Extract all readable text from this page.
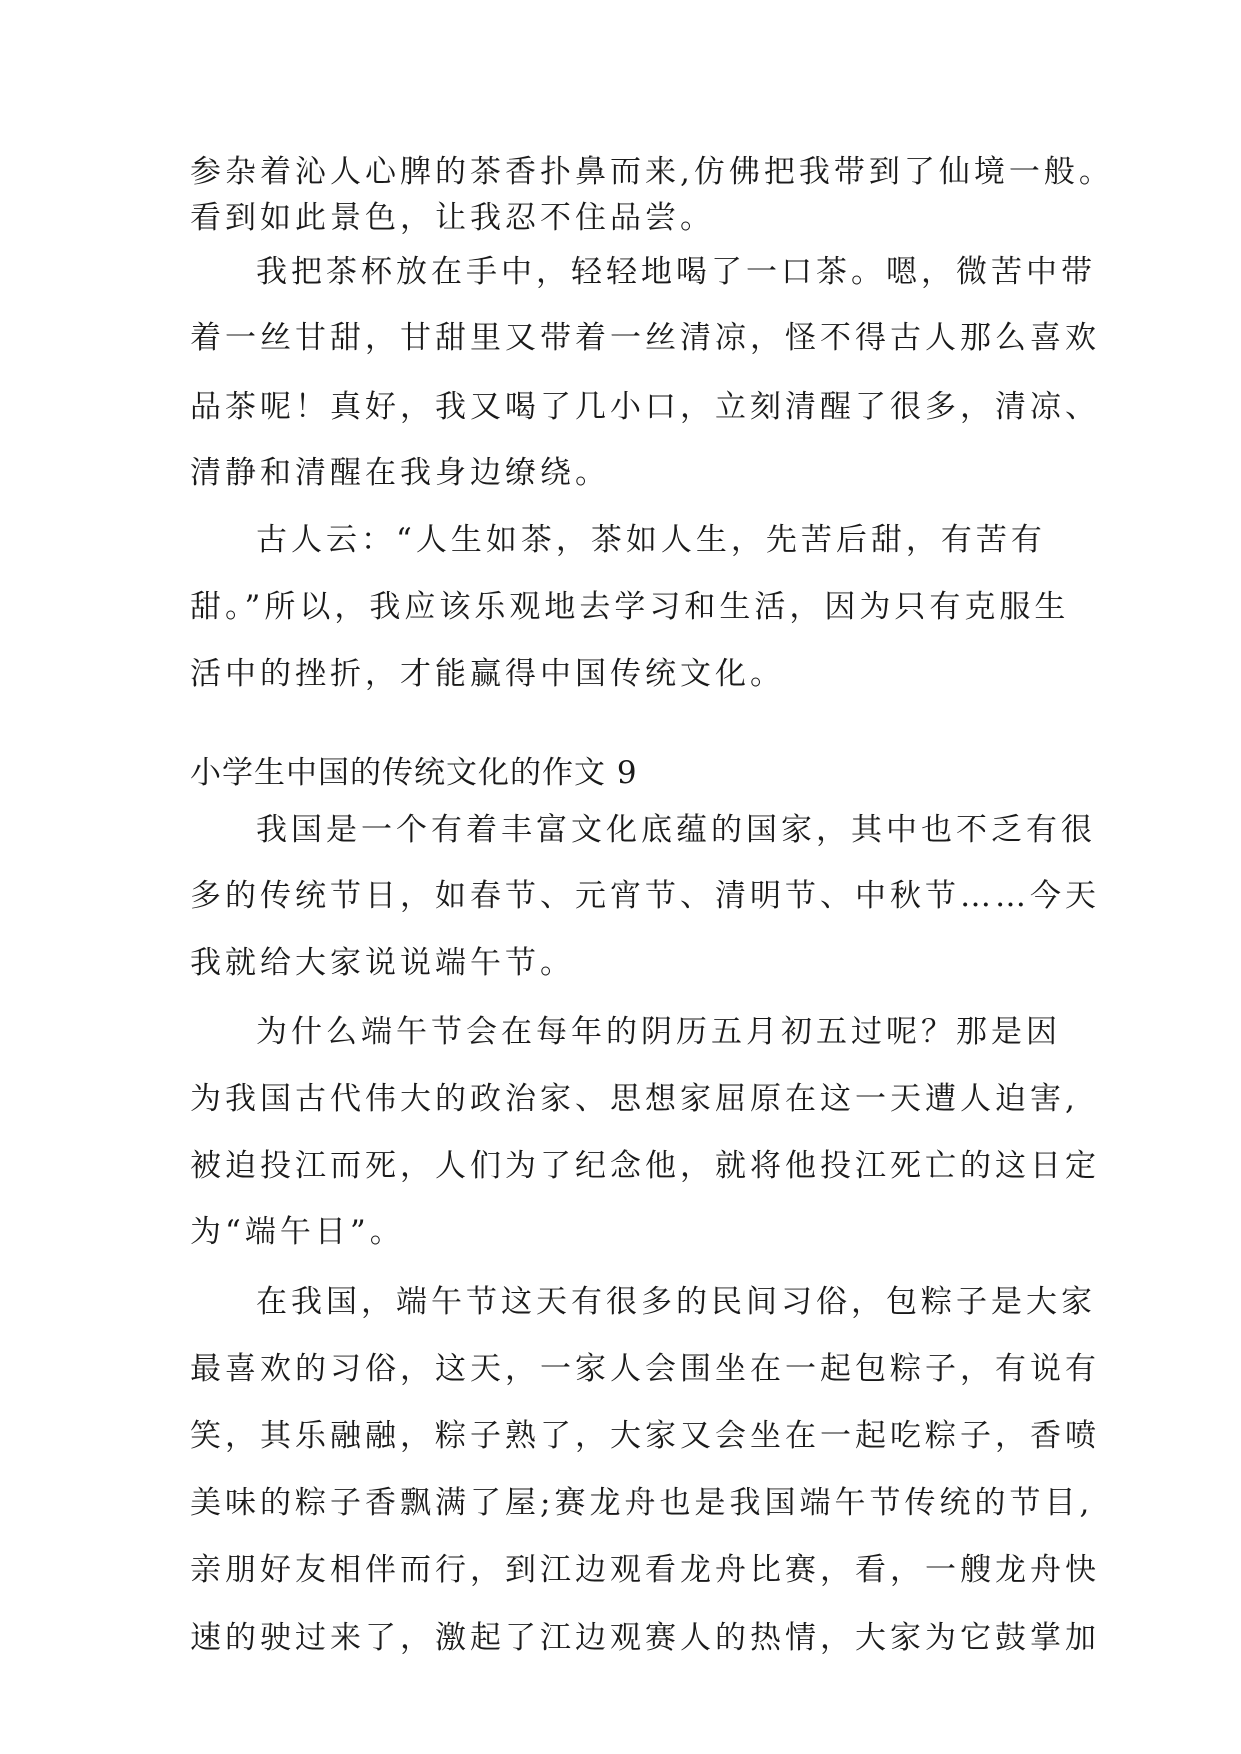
参杂着沁人心脾的茶香扑鼻而来,仿佛把我带到了仙境一般。
看到如此景色，让我忍不住品尝。
我把茶杯放在手中，轻轻地喝了一口茶。嗯，微苦中带
着一丝甘甜，甘甜里又带着一丝清凉，怪不得古人那么喜欢
品茶呢！真好，我又喝了几小口，立刻清醒了很多，清凉、
清静和清醒在我身边缭绕。
古人云：“人生如茶，茶如人生，先苦后甜，有苦有
甜。”所以，我应该乐观地去学习和生活，因为只有克服生
活中的挫折，才能赢得中国传统文化。
小学生中国的传统文化的作文 9
我国是一个有着丰富文化底蕴的国家，其中也不乏有很
多的传统节日，如春节、元宵节、清明节、中秋节……今天
我就给大家说说端午节。
为什么端午节会在每年的阴历五月初五过呢？那是因
为我国古代伟大的政治家、思想家屈原在这一天遭人迫害,
被迫投江而死，人们为了纪念他，就将他投江死亡的这日定
为“端午日”。
在我国，端午节这天有很多的民间习俗，包粽子是大家
最喜欢的习俗，这天，一家人会围坐在一起包粽子，有说有
笑，其乐融融，粽子熟了，大家又会坐在一起吃粽子，香喷
美味的粽子香飘满了屋;赛龙舟也是我国端午节传统的节目,
亲朋好友相伴而行，到江边观看龙舟比赛，看，一艘龙舟快
速的驶过来了，激起了江边观赛人的热情，大家为它鼓掌加
